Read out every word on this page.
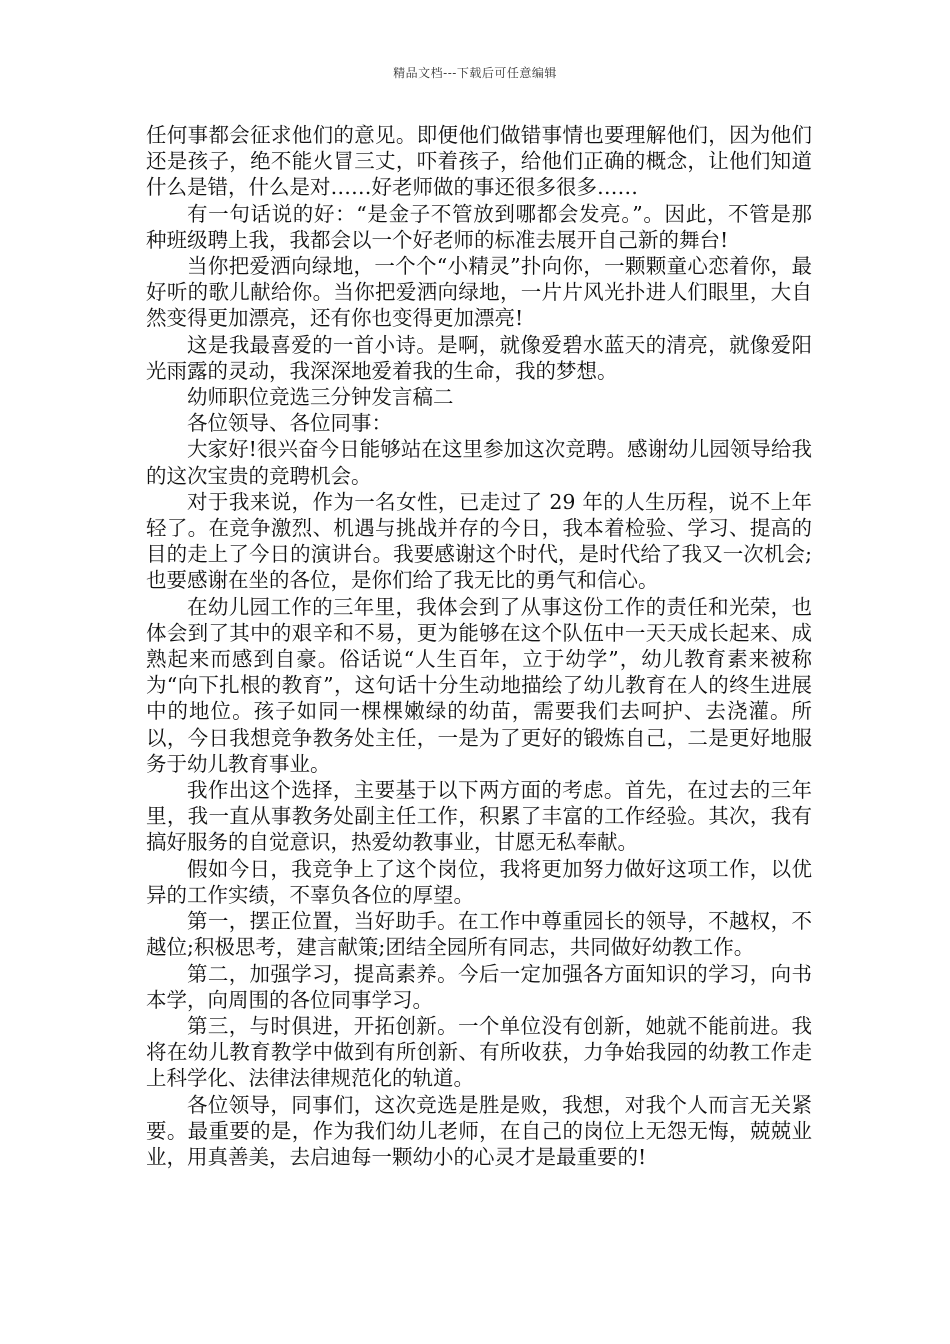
精品文档---下载后可任意编辑

任何事都会征求他们的意见。即便他们做错事情也要理解他们，因为他们还是孩子，绝不能火冒三丈，吓着孩子，给他们正确的概念，让他们知道什么是错，什么是对……好老师做的事还很多很多……

有一句话说的好：“是金子不管放到哪都会发亮。”。因此，不管是那种班级聘上我，我都会以一个好老师的标准去展开自己新的舞台!

当你把爱洒向绿地，一个个“小精灵”扑向你，一颗颗童心恋着你，最好听的歌儿献给你。当你把爱洒向绿地，一片片风光扑进人们眼里，大自然变得更加漂亮，还有你也变得更加漂亮!

这是我最喜爱的一首小诗。是啊，就像爱碧水蓝天的清亮，就像爱阳光雨露的灵动，我深深地爱着我的生命，我的梦想。

幼师职位竞选三分钟发言稿二

各位领导、各位同事：

大家好!很兴奋今日能够站在这里参加这次竞聘。感谢幼儿园领导给我的这次宝贵的竞聘机会。

对于我来说，作为一名女性，已走过了 29 年的人生历程，说不上年轻了。在竞争激烈、机遇与挑战并存的今日，我本着检验、学习、提高的目的走上了今日的演讲台。我要感谢这个时代，是时代给了我又一次机会;也要感谢在坐的各位，是你们给了我无比的勇气和信心。

在幼儿园工作的三年里，我体会到了从事这份工作的责任和光荣，也体会到了其中的艰辛和不易，更为能够在这个队伍中一天天成长起来、成熟起来而感到自豪。俗话说“人生百年，立于幼学”，幼儿教育素来被称为“向下扎根的教育”，这句话十分生动地描绘了幼儿教育在人的终生进展中的地位。孩子如同一棵棵嫩绿的幼苗，需要我们去呵护、去浇灌。所以，今日我想竞争教务处主任，一是为了更好的锻炼自己，二是更好地服务于幼儿教育事业。

我作出这个选择，主要基于以下两方面的考虑。首先，在过去的三年里，我一直从事教务处副主任工作，积累了丰富的工作经验。其次，我有搞好服务的自觉意识，热爱幼教事业，甘愿无私奉献。

假如今日，我竞争上了这个岗位，我将更加努力做好这项工作，以优异的工作实绩，不辜负各位的厚望。

第一，摆正位置，当好助手。在工作中尊重园长的领导，不越权，不越位;积极思考，建言献策;团结全园所有同志，共同做好幼教工作。

第二，加强学习，提高素养。今后一定加强各方面知识的学习，向书本学，向周围的各位同事学习。

第三，与时俱进，开拓创新。一个单位没有创新，她就不能前进。我将在幼儿教育教学中做到有所创新、有所收获，力争始我园的幼教工作走上科学化、法律法律规范化的轨道。

各位领导，同事们，这次竞选是胜是败，我想，对我个人而言无关紧要。最重要的是，作为我们幼儿老师，在自己的岗位上无怨无悔，兢兢业业，用真善美，去启迪每一颗幼小的心灵才是最重要的!
